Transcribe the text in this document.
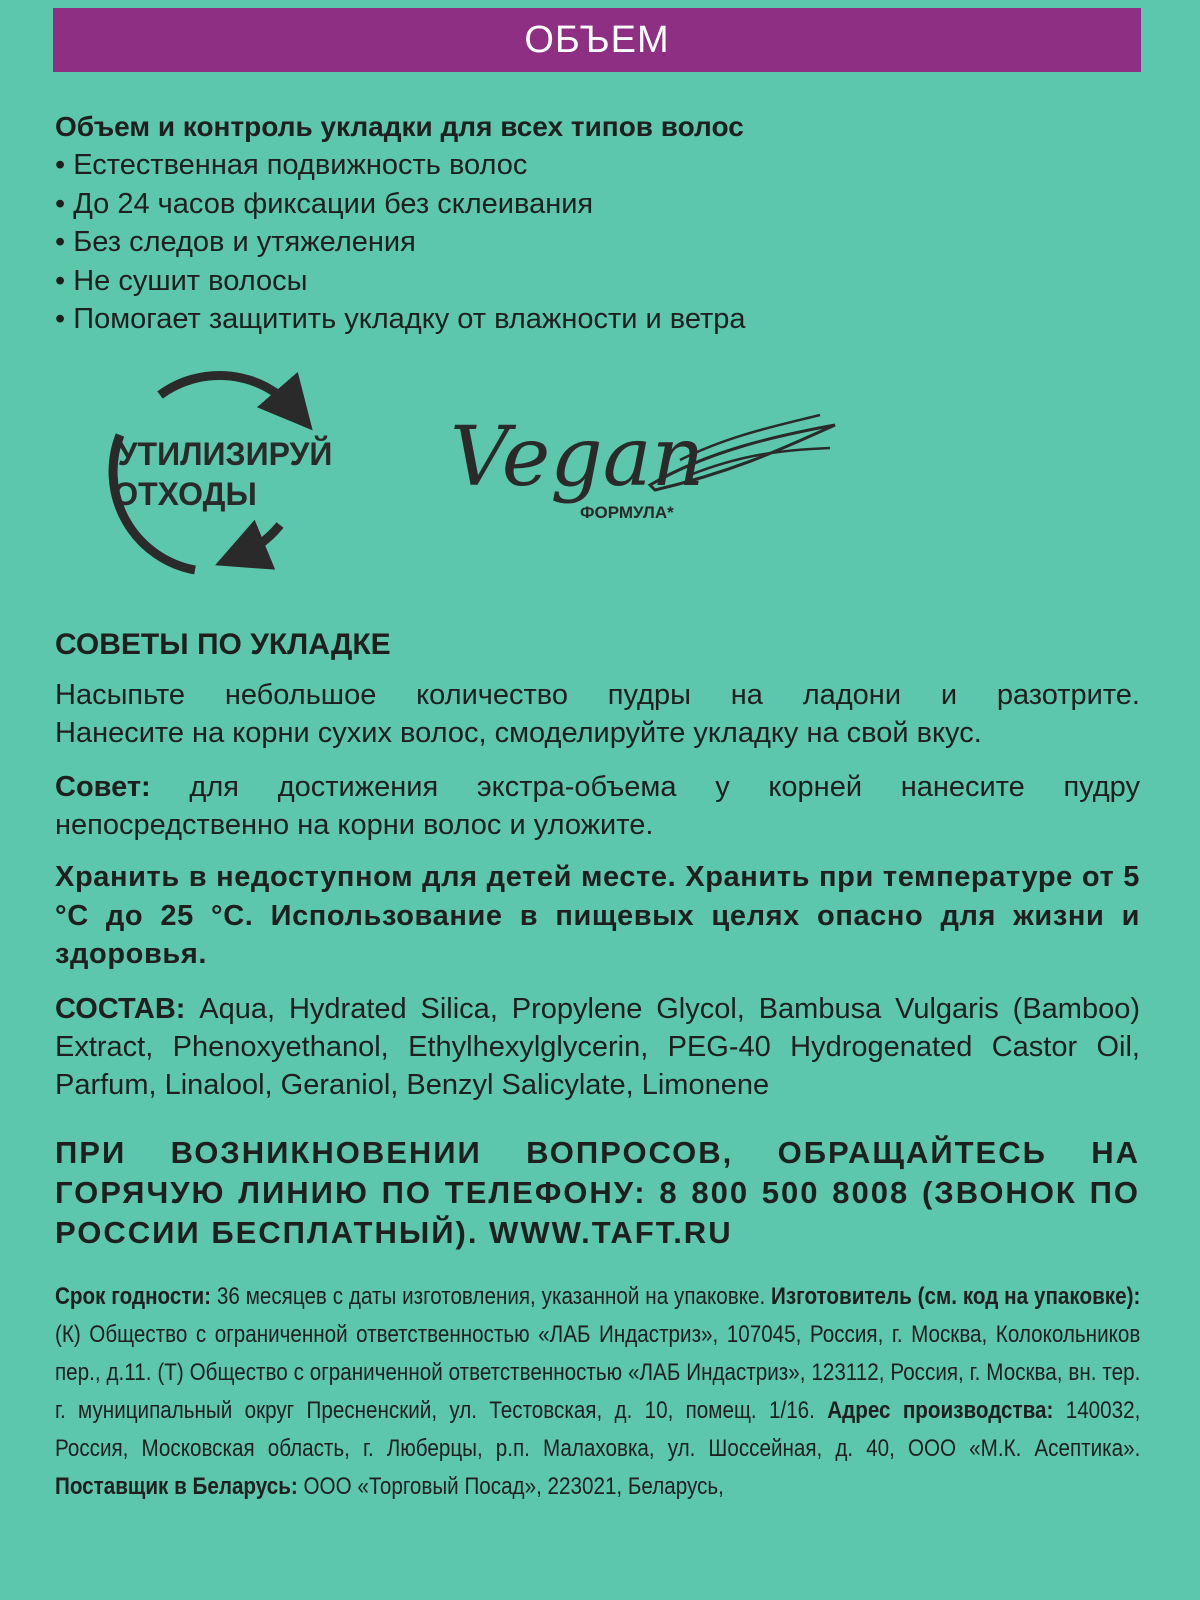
ОБЪЕМ
Объем и контроль укладки для всех типов волос
• Естественная подвижность волос
• До 24 часов фиксации без склеивания
• Без следов и утяжеления
• Не сушит волосы
• Помогает защитить укладку от влажности и ветра
УТИЛИЗИРУЙ
ОТХОДЫ Vegan
ФОРМУЛА*
СОВЕТЫ ПО УКЛАДКЕ
Насыпьте небольшое количество пудры на ладони и разотрите.
Нанесите на корни сухих волос, смоделируйте укладку на свой вкус.
Совет: для достижения экстра-объема у корней нанесите пудру непосредственно на корни волос и уложите.
Хранить в недоступном для детей месте. Хранить при температуре от 5 °С до 25 °С. Использование в пищевых целях опасно для жизни и здоровья.
СОСТАВ: Aqua, Hydrated Silica, Propylene Glycol, Bambusa Vulgaris (Bamboo) Extract, Phenoxyethanol, Ethylhexylglycerin, PEG-40 Hydrogenated Castor Oil, Parfum, Linalool, Geraniol, Benzyl Salicylate, Limonene
ПРИ ВОЗНИКНОВЕНИИ ВОПРОСОВ, ОБРАЩАЙТЕСЬ НА ГОРЯЧУЮ ЛИНИЮ ПО ТЕЛЕФОНУ: 8 800 500 8008 (ЗВОНОК ПО РОССИИ БЕСПЛАТНЫЙ). WWW.TAFT.RU
Срок годности: 36 месяцев с даты изготовления, указанной на упаковке. Изготовитель (см. код на упаковке): (К) Общество с ограниченной ответственностью «ЛАБ Индастриз», 107045, Россия, г. Москва, Колокольников пер., д.11. (Т) Общество с ограниченной ответственностью «ЛАБ Индастриз», 123112, Россия, г. Москва, вн. тер. г. муниципальный округ Пресненский, ул. Тестовская, д. 10, помещ. 1/16. Адрес производства: 140032, Россия, Московская область, г. Люберцы, р.п. Малаховка, ул. Шоссейная, д. 40, ООО «М.К. Асептика». Поставщик в Беларусь: ООО «Торговый Посад», 223021, Беларусь,
